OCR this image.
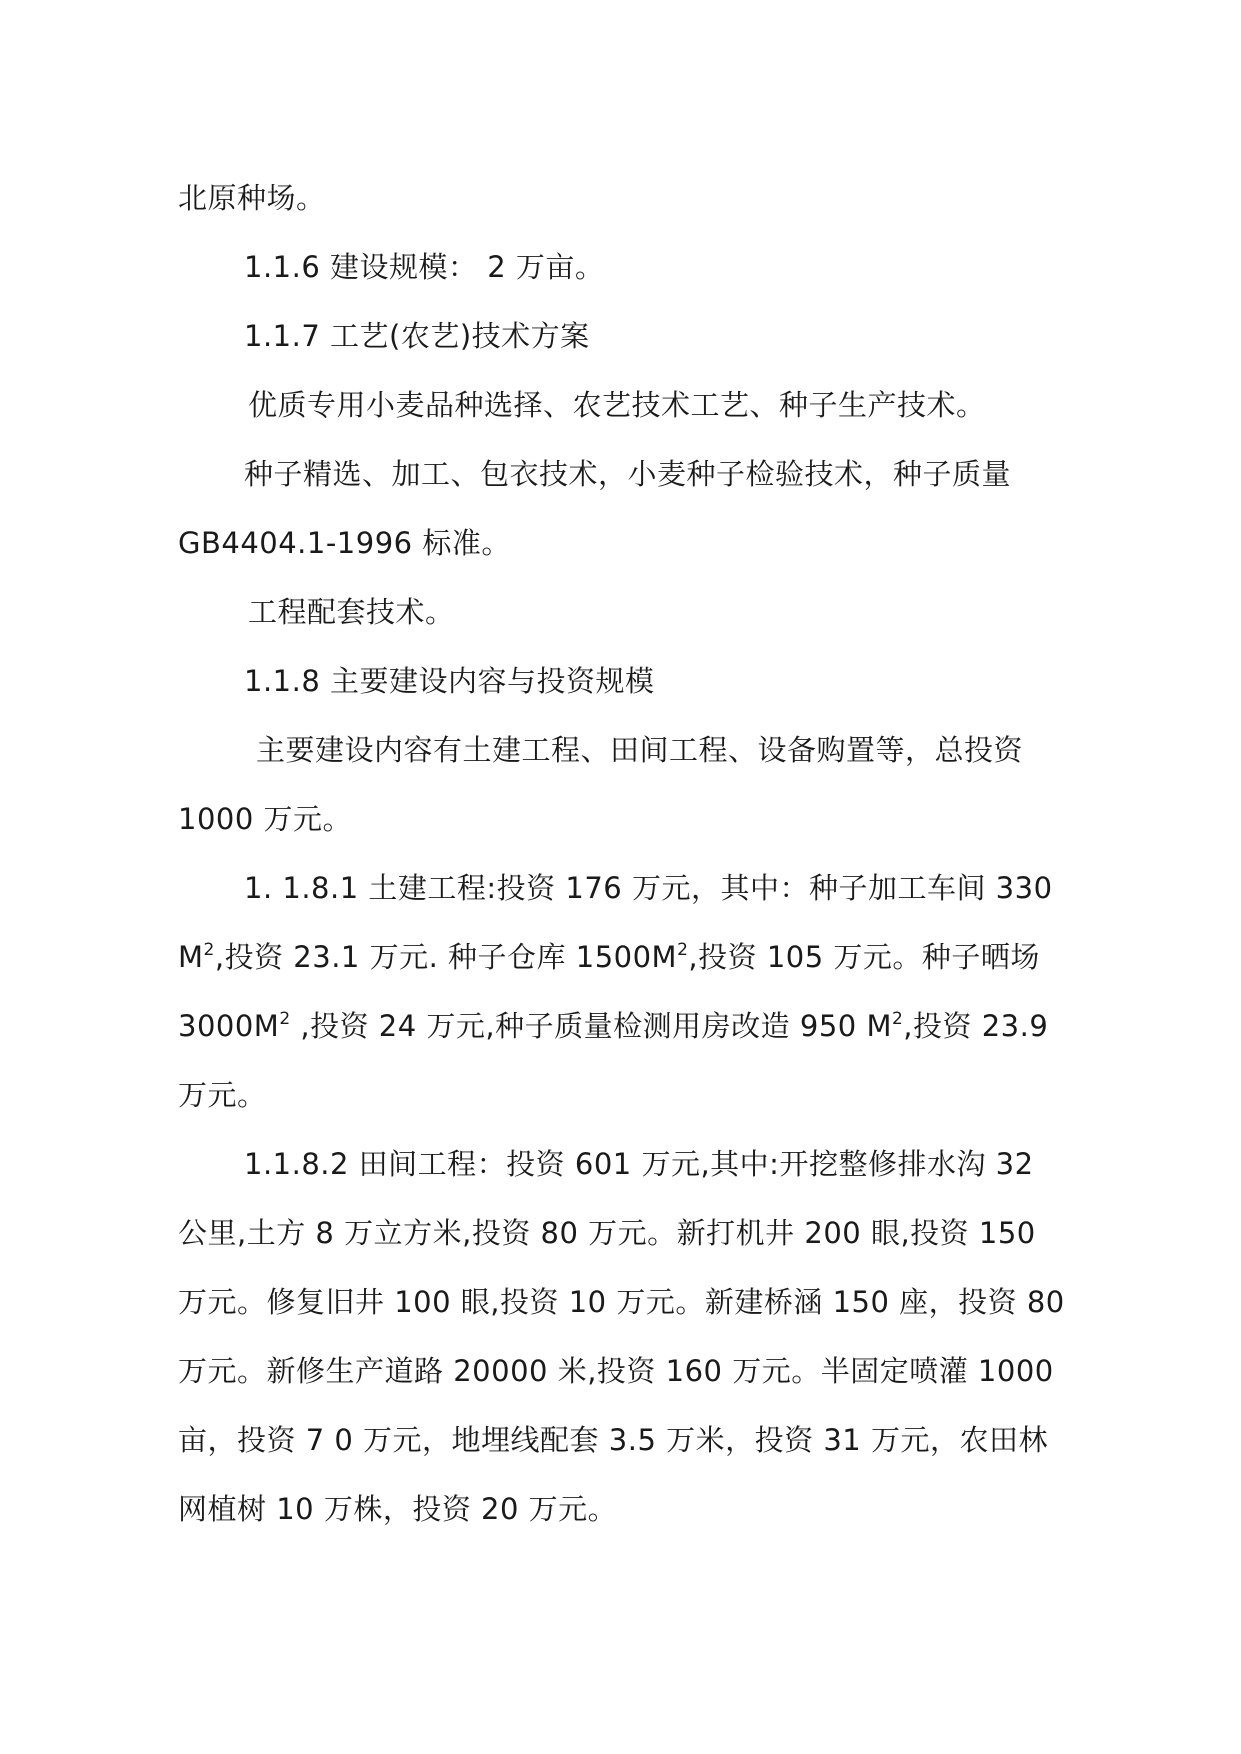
北原种场。

1.1.6 建设规模： 2 万亩。

1.1.7 工艺(农艺)技术方案

优质专用小麦品种选择、农艺技术工艺、种子生产技术。

种子精选、加工、包衣技术，小麦种子检验技术，种子质量 GB4404.1-1996 标准。

工程配套技术。

1.1.8 主要建设内容与投资规模

主要建设内容有土建工程、田间工程、设备购置等，总投资 1000 万元。

1. 1.8.1 土建工程:投资 176 万元，其中：种子加工车间 330 $M^2$,投资 23.1 万元. 种子仓库 $1500M^2$,投资 105 万元。种子晒场 $3000M^2$ ,投资 24 万元,种子质量检测用房改造 950 $M^2$,投资 23.9 万元。

1.1.8.2 田间工程：投资 601 万元,其中:开挖整修排水沟 32 公里,土方 8 万立方米,投资 80 万元。新打机井 200 眼,投资 150 万元。修复旧井 100 眼,投资 10 万元。新建桥涵 150 座，投资 80 万元。新修生产道路 20000 米,投资 160 万元。半固定喷灌 1000 亩，投资 7 0 万元，地埋线配套 3.5 万米，投资 31 万元，农田林网植树 10 万株，投资 20 万元。
